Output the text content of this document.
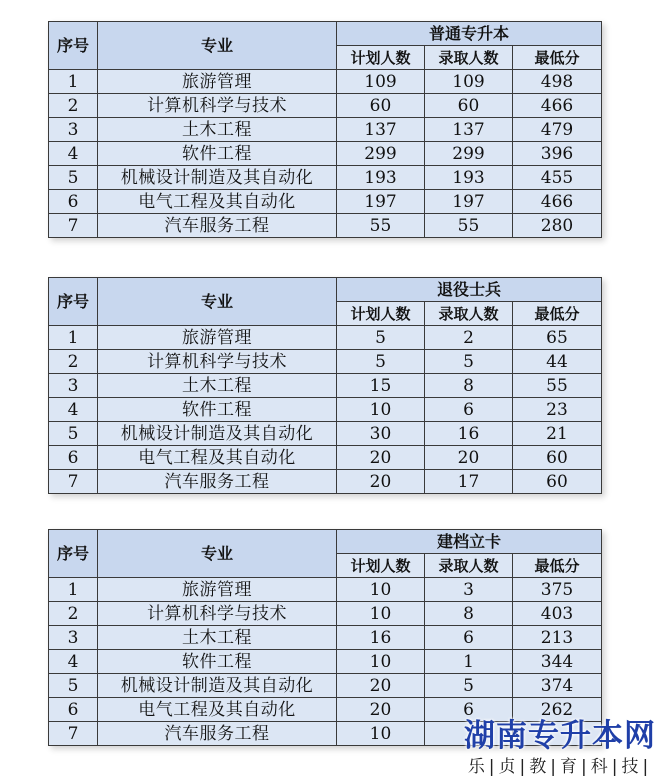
序号	专业	普通专升本		
		计划人数	录取人数	最低分
1	旅游管理	109	109	498
2	计算机科学与技术	60	60	466
3	土木工程	137	137	479
4	软件工程	299	299	396
5	机械设计制造及其自动化	193	193	455
6	电气工程及其自动化	197	197	466
7	汽车服务工程	55	55	280
序号	专业	退役士兵		
		计划人数	录取人数	最低分
1	旅游管理	5	2	65
2	计算机科学与技术	5	5	44
3	土木工程	15	8	55
4	软件工程	10	6	23
5	机械设计制造及其自动化	30	16	21
6	电气工程及其自动化	20	20	60
7	汽车服务工程	20	17	60
序号	专业	建档立卡		
		计划人数	录取人数	最低分
1	旅游管理	10	3	375
2	计算机科学与技术	10	8	403
3	土木工程	16	6	213
4	软件工程	10	1	344
5	机械设计制造及其自动化	20	5	374
6	电气工程及其自动化	20	6	262
7	汽车服务工程	10		湖南专升本网
乐|贞|教|育|科|技|
